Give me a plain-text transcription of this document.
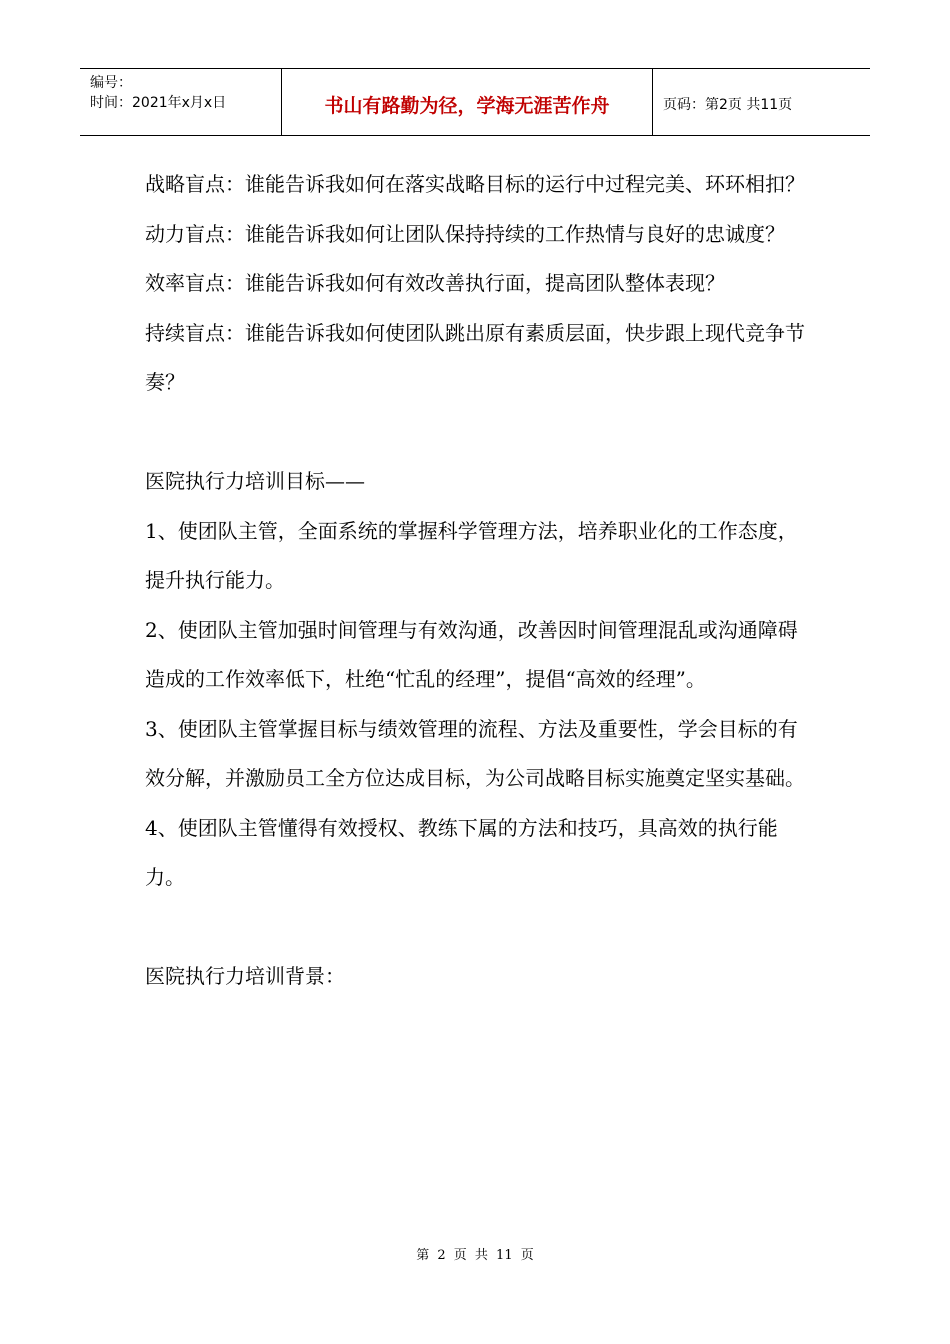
编号：
时间：2021年x月x日	书山有路勤为径，学海无涯苦作舟	页码：第2页 共11页

战略盲点：谁能告诉我如何在落实战略目标的运行中过程完美、环环相扣？

动力盲点：谁能告诉我如何让团队保持持续的工作热情与良好的忠诚度？

效率盲点：谁能告诉我如何有效改善执行面，提高团队整体表现？

持续盲点：谁能告诉我如何使团队跳出原有素质层面，快步跟上现代竞争节奏？

医院执行力培训目标——

1、使团队主管，全面系统的掌握科学管理方法，培养职业化的工作态度，提升执行能力。

2、使团队主管加强时间管理与有效沟通，改善因时间管理混乱或沟通障碍造成的工作效率低下，杜绝“忙乱的经理”，提倡“高效的经理”。

3、使团队主管掌握目标与绩效管理的流程、方法及重要性，学会目标的有效分解，并激励员工全方位达成目标，为公司战略目标实施奠定坚实基础。

4、使团队主管懂得有效授权、教练下属的方法和技巧，具高效的执行能力。

医院执行力培训背景：

第 2 页 共 11 页
